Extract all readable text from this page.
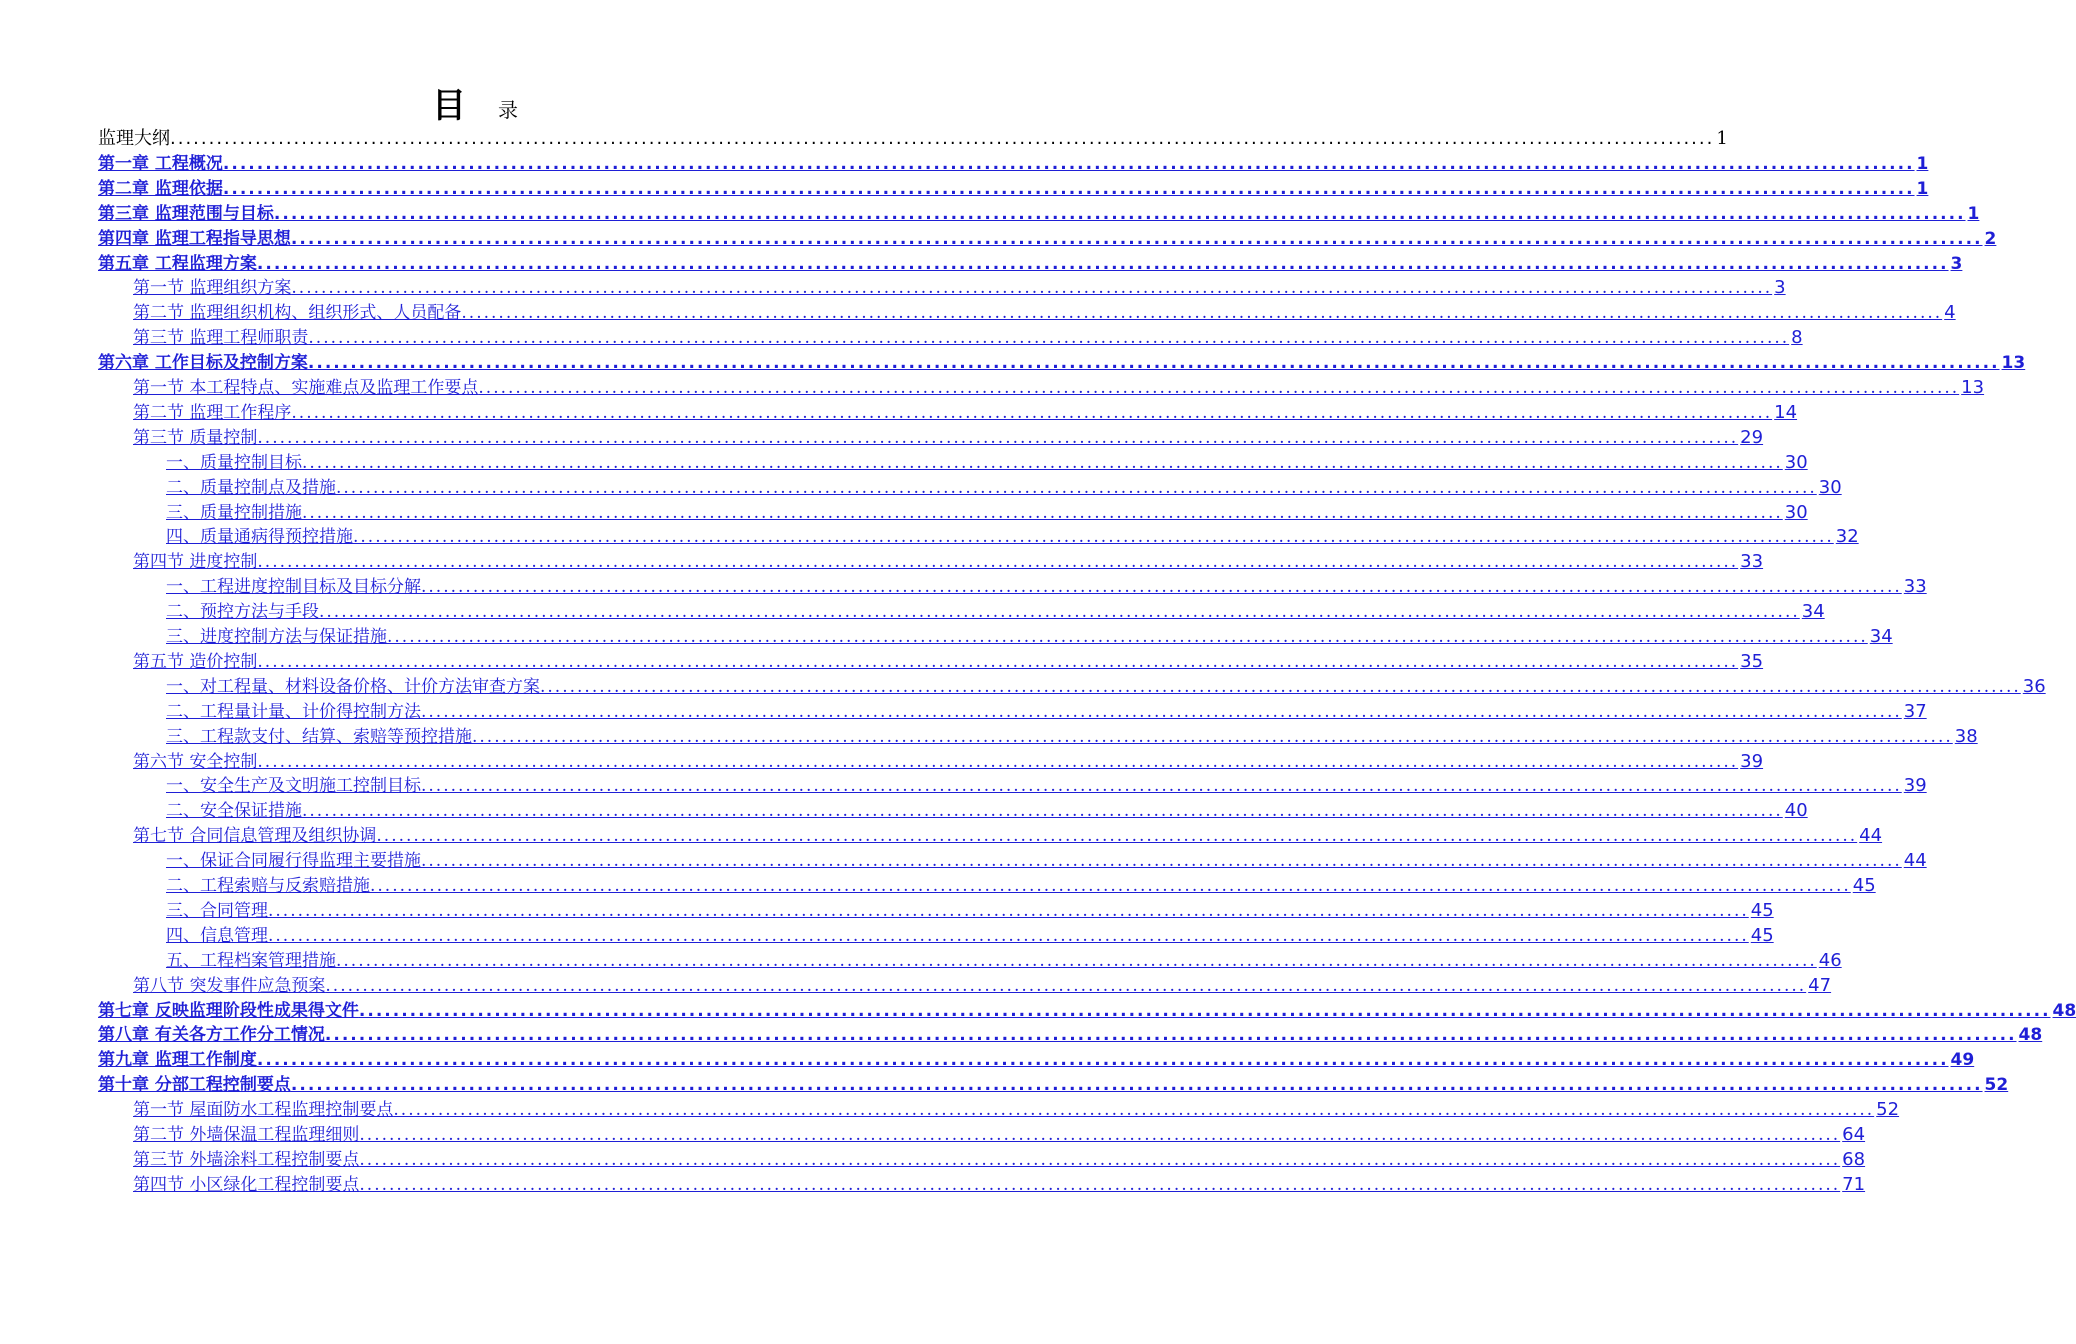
目 录
监理大纲 ........................................................................................................................................................................................................ 1
第一章 工程概况 ........................................................................................................................................................................................................ 1
第二章 监理依据 ........................................................................................................................................................................................................ 1
第三章 监理范围与目标 ........................................................................................................................................................................................................ 1
第四章 监理工程指导思想 ........................................................................................................................................................................................................ 2
第五章 工程监理方案 ........................................................................................................................................................................................................ 3
第一节 监理组织方案 ........................................................................................................................................................................................................ 3
第二节 监理组织机构、组织形式、人员配备 ........................................................................................................................................................................................................ 4
第三节 监理工程师职责 ........................................................................................................................................................................................................ 8
第六章 工作目标及控制方案 ........................................................................................................................................................................................................ 13
第一节 本工程特点、实施难点及监理工作要点 ........................................................................................................................................................................................................ 13
第二节 监理工作程序 ........................................................................................................................................................................................................ 14
第三节 质量控制 ........................................................................................................................................................................................................ 29
一、质量控制目标 ........................................................................................................................................................................................................ 30
二、质量控制点及措施 ........................................................................................................................................................................................................ 30
三、质量控制措施 ........................................................................................................................................................................................................ 30
四、质量通病得预控措施 ........................................................................................................................................................................................................ 32
第四节 进度控制 ........................................................................................................................................................................................................ 33
一、工程进度控制目标及目标分解 ........................................................................................................................................................................................................ 33
二、预控方法与手段 ........................................................................................................................................................................................................ 34
三、进度控制方法与保证措施 ........................................................................................................................................................................................................ 34
第五节 造价控制 ........................................................................................................................................................................................................ 35
一、对工程量、材料设备价格、计价方法审查方案 ........................................................................................................................................................................................................ 36
二、工程量计量、计价得控制方法 ........................................................................................................................................................................................................ 37
三、工程款支付、结算、索赔等预控措施 ........................................................................................................................................................................................................ 38
第六节 安全控制 ........................................................................................................................................................................................................ 39
一、安全生产及文明施工控制目标 ........................................................................................................................................................................................................ 39
二、安全保证措施 ........................................................................................................................................................................................................ 40
第七节 合同信息管理及组织协调 ........................................................................................................................................................................................................ 44
一、保证合同履行得监理主要措施 ........................................................................................................................................................................................................ 44
二、工程索赔与反索赔措施 ........................................................................................................................................................................................................ 45
三、合同管理 ........................................................................................................................................................................................................ 45
四、信息管理 ........................................................................................................................................................................................................ 45
五、工程档案管理措施 ........................................................................................................................................................................................................ 46
第八节 突发事件应急预案 ........................................................................................................................................................................................................ 47
第七章 反映监理阶段性成果得文件 ........................................................................................................................................................................................................ 48
第八章 有关各方工作分工情况 ........................................................................................................................................................................................................ 48
第九章 监理工作制度 ........................................................................................................................................................................................................ 49
第十章 分部工程控制要点 ........................................................................................................................................................................................................ 52
第一节 屋面防水工程监理控制要点 ........................................................................................................................................................................................................ 52
第二节 外墙保温工程监理细则 ........................................................................................................................................................................................................ 64
第三节 外墙涂料工程控制要点 ........................................................................................................................................................................................................ 68
第四节 小区绿化工程控制要点 ........................................................................................................................................................................................................ 71
